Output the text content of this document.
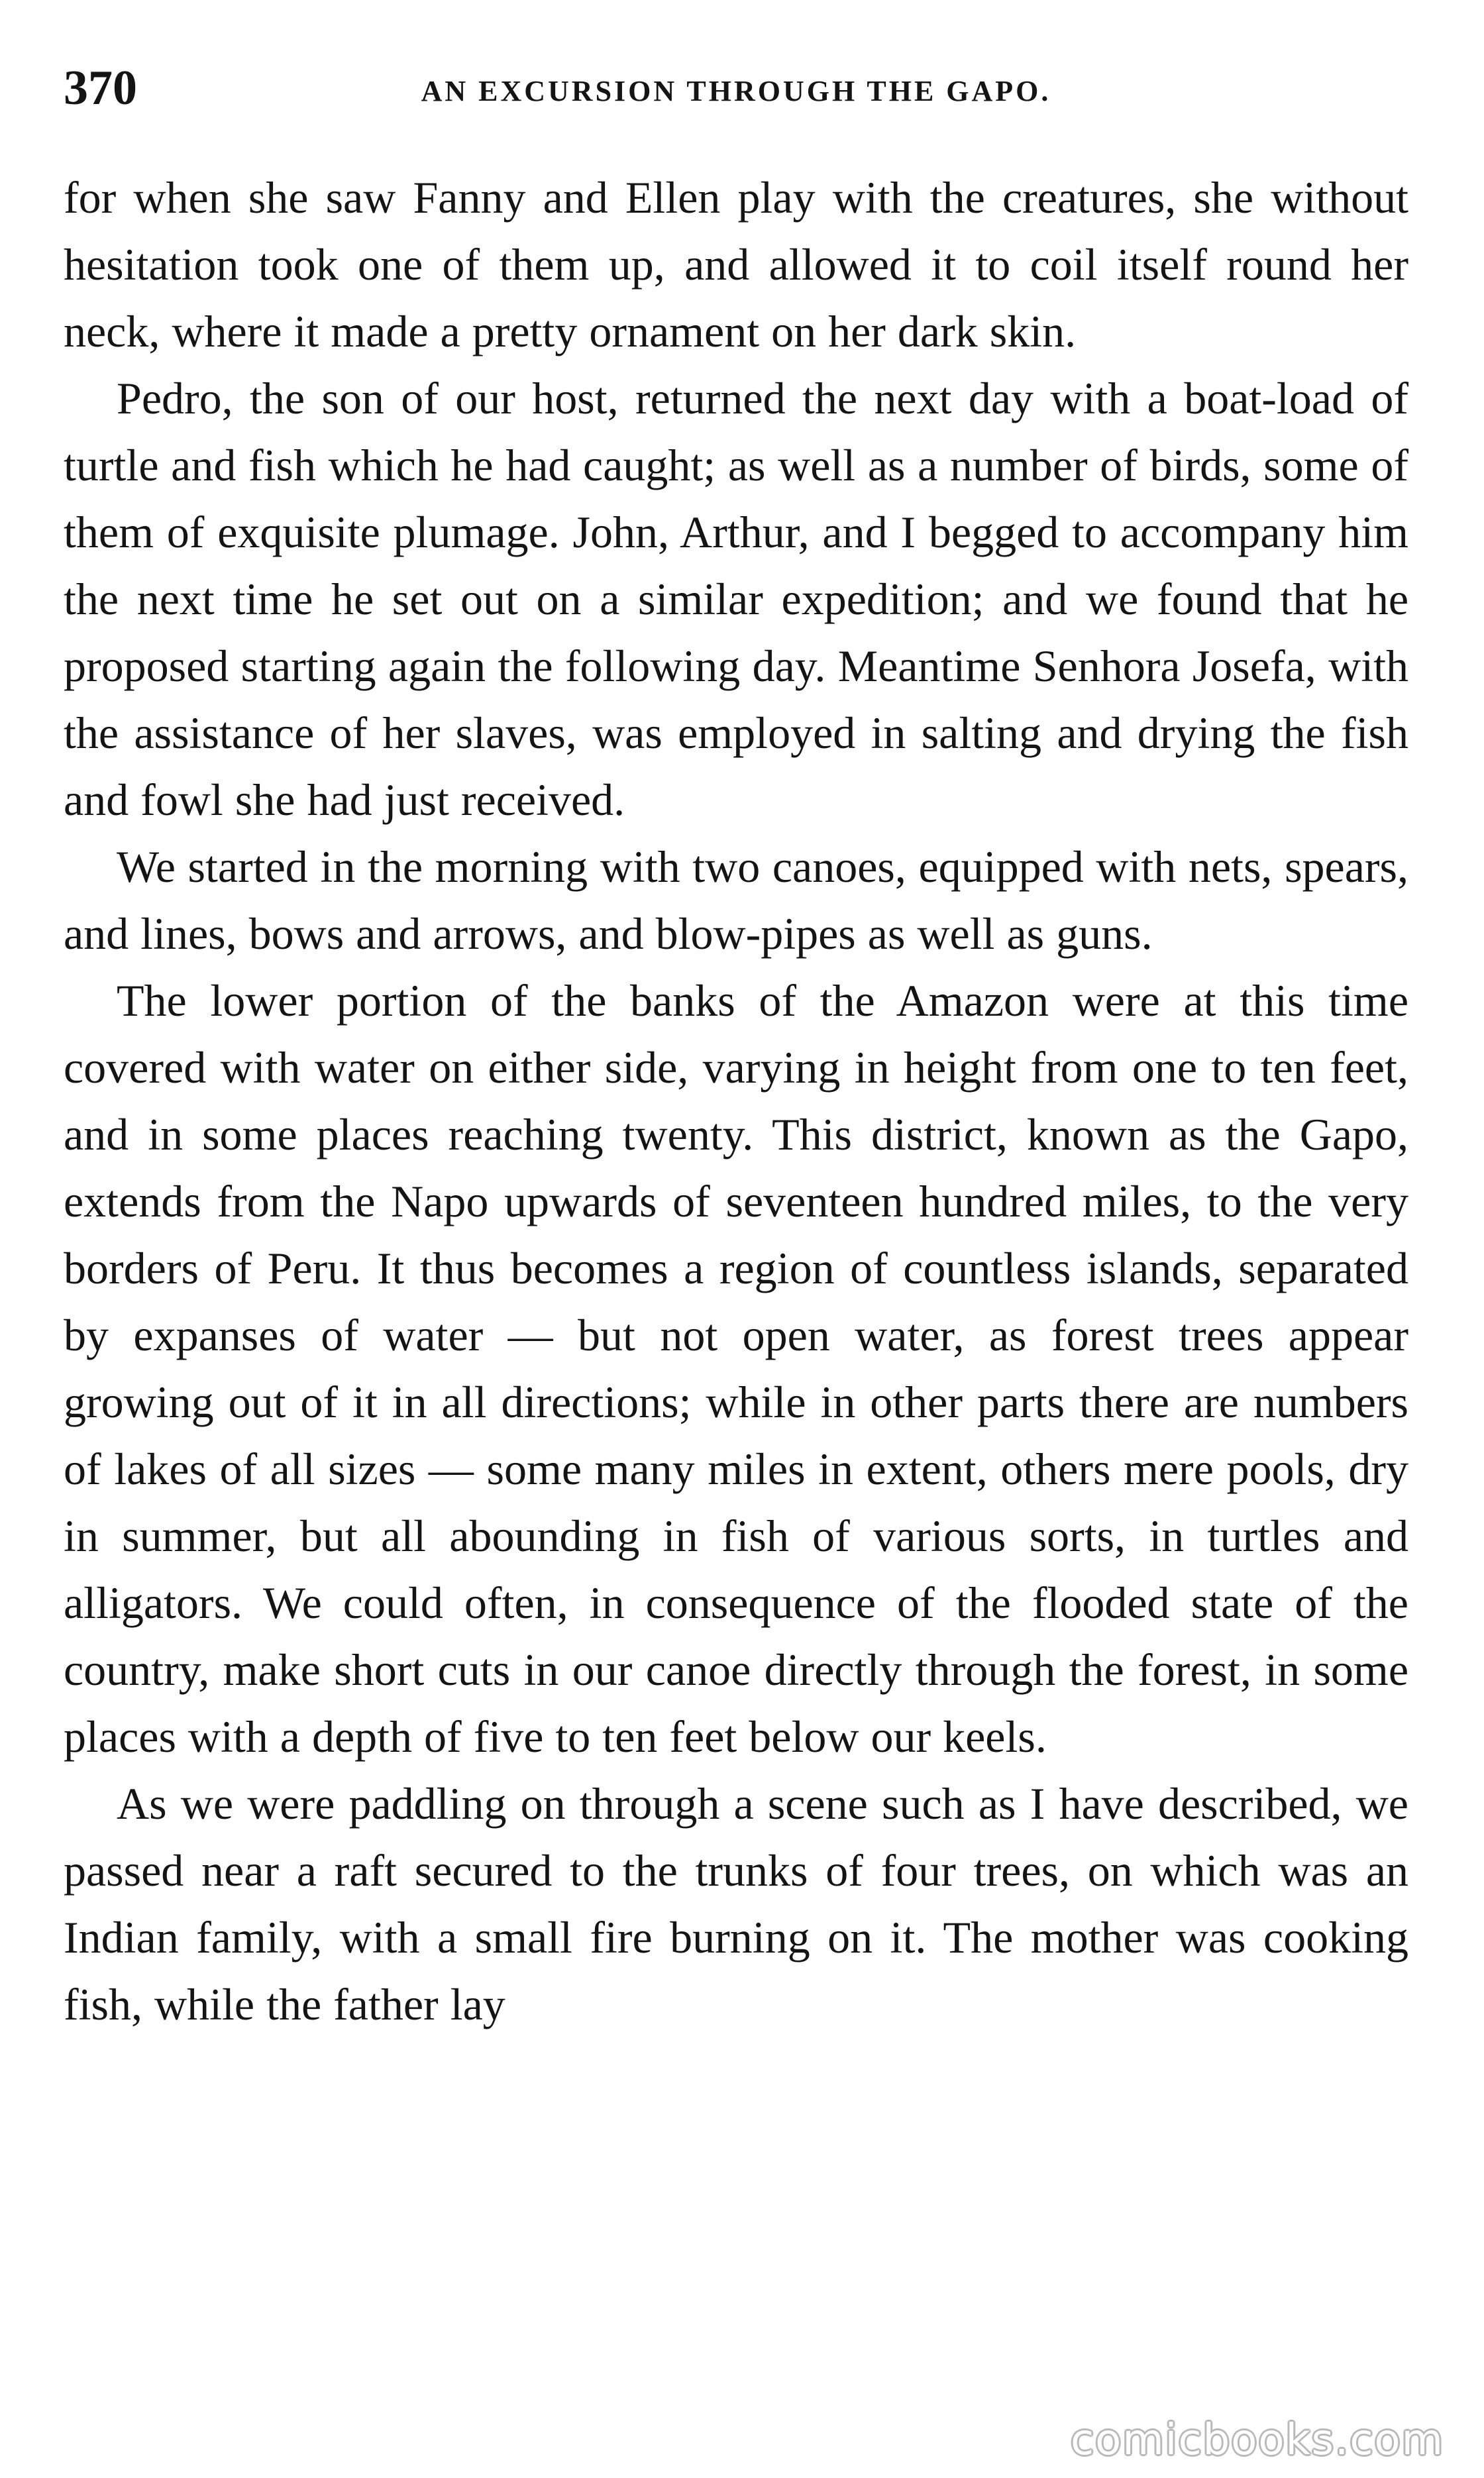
370	AN EXCURSION THROUGH THE GAPO.

for when she saw Fanny and Ellen play with the creatures, she without hesitation took one of them up, and allowed it to coil itself round her neck, where it made a pretty ornament on her dark skin.

Pedro, the son of our host, returned the next day with a boat-load of turtle and fish which he had caught; as well as a number of birds, some of them of exquisite plumage. John, Arthur, and I begged to accompany him the next time he set out on a similar expedition; and we found that he proposed starting again the following day. Meantime Senhora Josefa, with the assistance of her slaves, was employed in salting and drying the fish and fowl she had just received.

We started in the morning with two canoes, equipped with nets, spears, and lines, bows and arrows, and blow-pipes as well as guns.

The lower portion of the banks of the Amazon were at this time covered with water on either side, varying in height from one to ten feet, and in some places reaching twenty. This district, known as the Gapo, extends from the Napo upwards of seventeen hundred miles, to the very borders of Peru. It thus becomes a region of countless islands, separated by expanses of water — but not open water, as forest trees appear growing out of it in all directions; while in other parts there are numbers of lakes of all sizes — some many miles in extent, others mere pools, dry in summer, but all abounding in fish of various sorts, in turtles and alligators. We could often, in consequence of the flooded state of the country, make short cuts in our canoe directly through the forest, in some places with a depth of five to ten feet below our keels.

As we were paddling on through a scene such as I have described, we passed near a raft secured to the trunks of four trees, on which was an Indian family, with a small fire burning on it. The mother was cooking fish, while the father lay

comicbooks.com
